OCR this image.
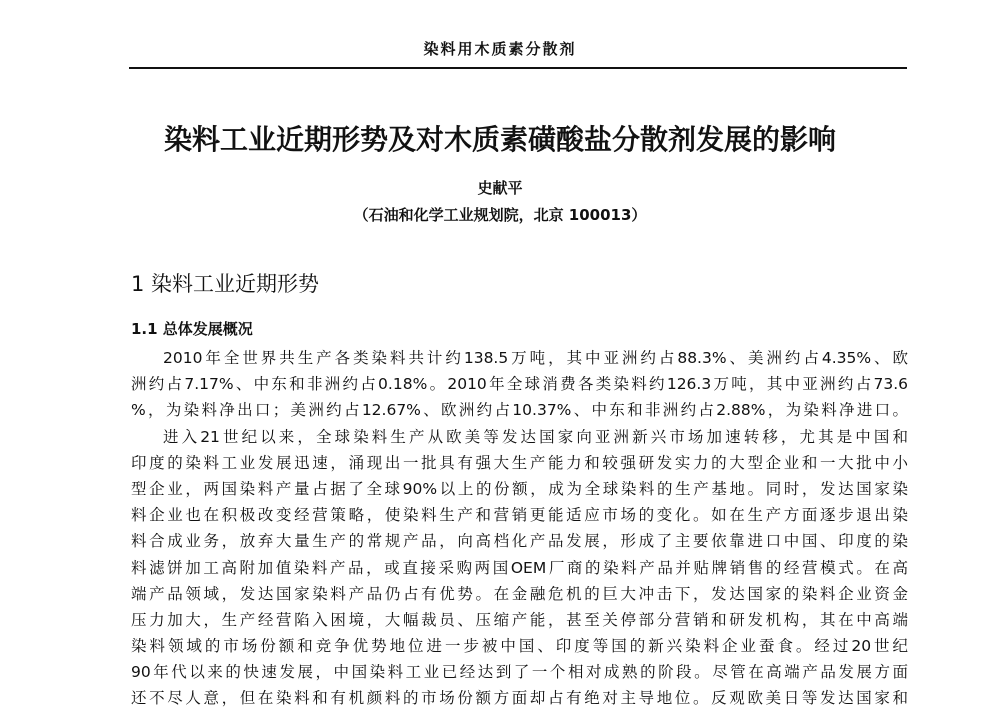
染料用木质素分散剂
染料工业近期形势及对木质素磺酸盐分散剂发展的影响
史献平
（石油和化学工业规划院，北京 100013）
1 染料工业近期形势
1.1 总体发展概况
2010年全世界共生产各类染料共计约138.5万吨，其中亚洲约占88.3%、美洲约占4.35%、欧
洲约占7.17%、中东和非洲约占0.18%。2010年全球消费各类染料约126.3万吨，其中亚洲约占73.6
%，为染料净出口；美洲约占12.67%、欧洲约占10.37%、中东和非洲约占2.88%，为染料净进口。
进入21世纪以来，全球染料生产从欧美等发达国家向亚洲新兴市场加速转移，尤其是中国和
印度的染料工业发展迅速，涌现出一批具有强大生产能力和较强研发实力的大型企业和一大批中小
型企业，两国染料产量占据了全球90%以上的份额，成为全球染料的生产基地。同时，发达国家染
料企业也在积极改变经营策略，使染料生产和营销更能适应市场的变化。如在生产方面逐步退出染
料合成业务，放弃大量生产的常规产品，向高档化产品发展，形成了主要依靠进口中国、印度的染
料滤饼加工高附加值染料产品，或直接采购两国OEM厂商的染料产品并贴牌销售的经营模式。在高
端产品领域，发达国家染料产品仍占有优势。在金融危机的巨大冲击下，发达国家的染料企业资金
压力加大，生产经营陷入困境，大幅裁员、压缩产能，甚至关停部分营销和研发机构，其在中高端
染料领域的市场份额和竞争优势地位进一步被中国、印度等国的新兴染料企业蚕食。经过20世纪
90年代以来的快速发展，中国染料工业已经达到了一个相对成熟的阶段。尽管在高端产品发展方面
还不尽人意，但在染料和有机颜料的市场份额方面却占有绝对主导地位。反观欧美日等发达国家和
